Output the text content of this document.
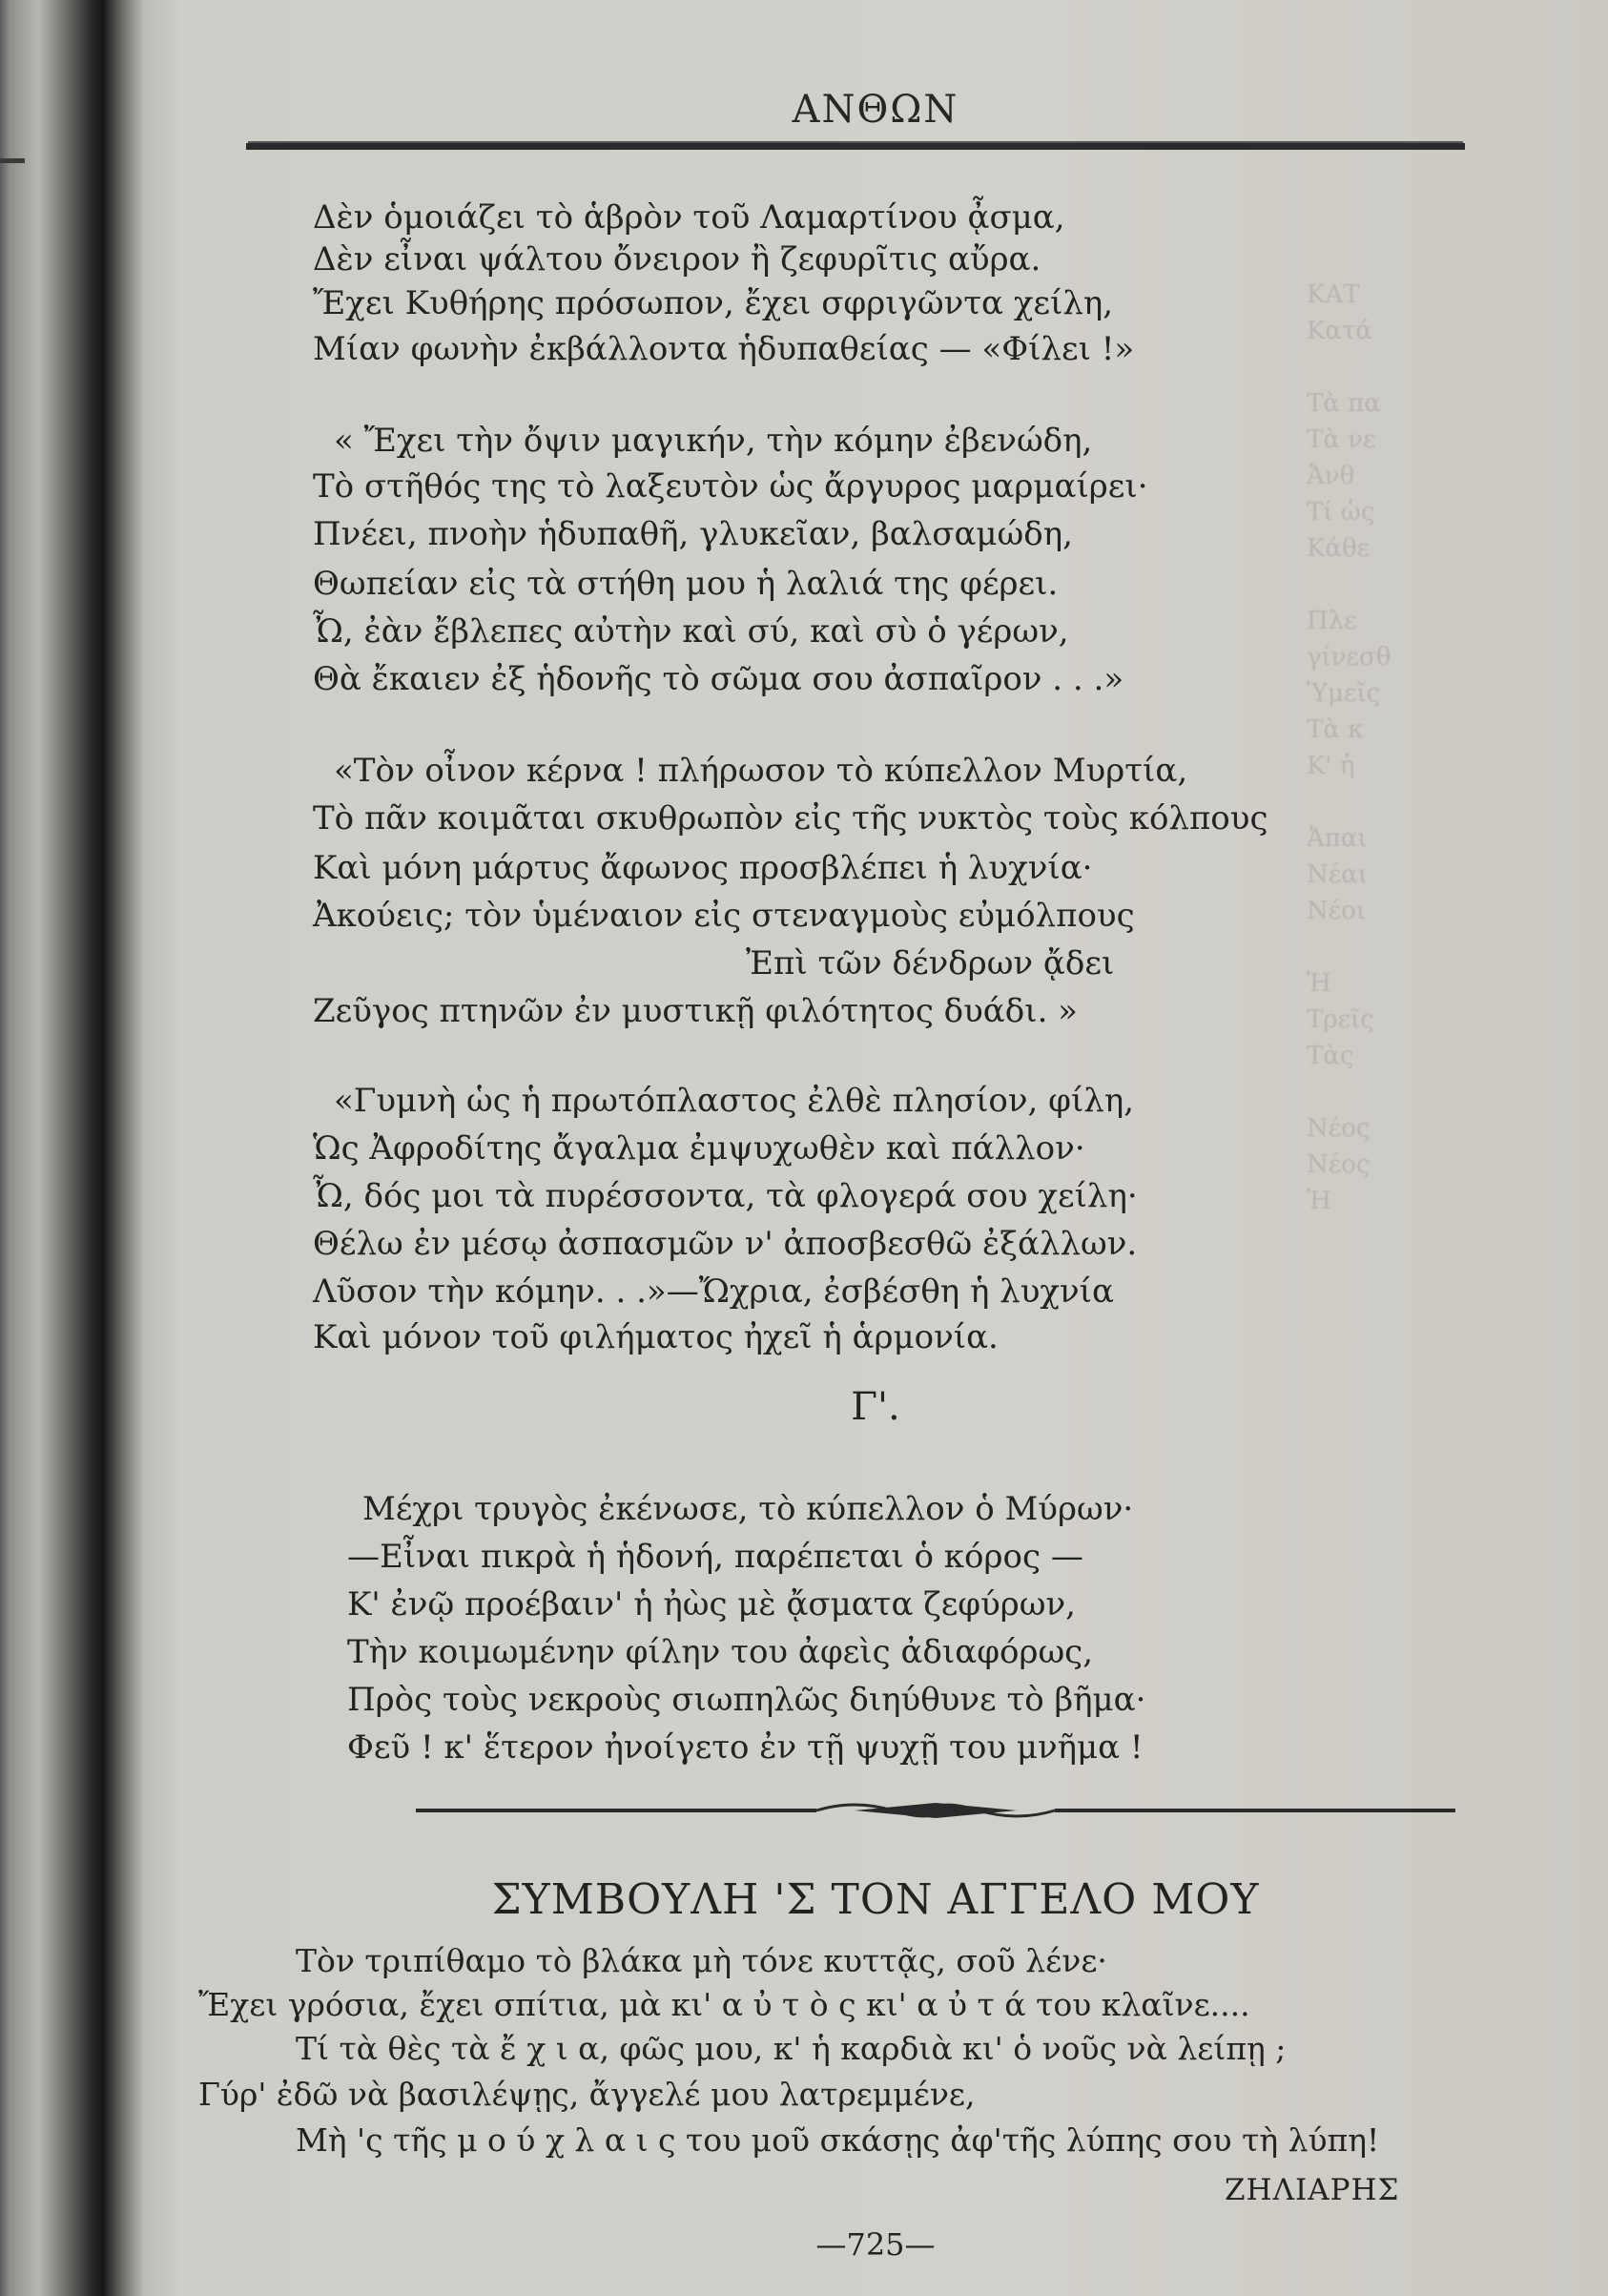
ΚΑΤ
Κατά

Τὰ πα
Τὰ νε
Ἀνθ
Τί ὡς
Κάθε

Πλε
γίνεσθ
Ὑμεῖς
Τὰ κ
Κ' ἡ

Ἀπαι
Νέαι
Νέοι

Ἡ
Τρεῖς
Τὰς

Νέος
Νέος
Ἡ
ΑΝΘΩΝ
Δὲν ὁμοιάζει τὸ ἁβρὸν τοῦ Λαμαρτίνου ᾆσμα,
Δὲν εἶναι ψάλτου ὄνειρον ἢ ζεφυρῖτις αὔρα.
Ἔχει Κυθήρης πρόσωπον, ἔχει σφριγῶντα χείλη,
Μίαν φωνὴν ἐκβάλλοντα ἡδυπαθείας — «Φίλει !»
« Ἔχει τὴν ὄψιν μαγικήν, τὴν κόμην ἐβενώδη,
Τὸ στῆθός της τὸ λαξευτὸν ὡς ἄργυρος μαρμαίρει·
Πνέει, πνοὴν ἡδυπαθῆ, γλυκεῖαν, βαλσαμώδη,
Θωπείαν εἰς τὰ στήθη μου ἡ λαλιά της φέρει.
Ὦ, ἐὰν ἔβλεπες αὐτὴν καὶ σύ, καὶ σὺ ὁ γέρων,
Θὰ ἔκαιεν ἐξ ἡδονῆς τὸ σῶμα σου ἀσπαῖρον . . .»
«Τὸν οἶνον κέρνα ! πλήρωσον τὸ κύπελλον Μυρτία,
Τὸ πᾶν κοιμᾶται σκυθρωπὸν εἰς τῆς νυκτὸς τοὺς κόλπους
Καὶ μόνη μάρτυς ἄφωνος προσβλέπει ἡ λυχνία·
Ἀκούεις; τὸν ὑμέναιον εἰς στεναγμοὺς εὐμόλπους
Ἐπὶ τῶν δένδρων ᾄδει
Ζεῦγος πτηνῶν ἐν μυστικῇ φιλότητος δυάδι. »
«Γυμνὴ ὡς ἡ πρωτόπλαστος ἐλθὲ πλησίον, φίλη,
Ὡς Ἀφροδίτης ἄγαλμα ἐμψυχωθὲν καὶ πάλλον·
Ὦ, δός μοι τὰ πυρέσσοντα, τὰ φλογερά σου χείλη·
Θέλω ἐν μέσῳ ἀσπασμῶν ν' ἀποσβεσθῶ ἐξάλλων.
Λῦσον τὴν κόμην. . .»—Ὤχρια, ἐσβέσθη ἡ λυχνία
Καὶ μόνον τοῦ φιλήματος ἠχεῖ ἡ ἁρμονία.
Γ'.
Μέχρι τρυγὸς ἐκένωσε, τὸ κύπελλον ὁ Μύρων·
—Εἶναι πικρὰ ἡ ἡδονή, παρέπεται ὁ κόρος —
Κ' ἐνῷ προέβαιν' ἡ ἠὼς μὲ ᾄσματα ζεφύρων,
Τὴν κοιμωμένην φίλην του ἀφεὶς ἀδιαφόρως,
Πρὸς τοὺς νεκροὺς σιωπηλῶς διηύθυνε τὸ βῆμα·
Φεῦ ! κ' ἕτερον ἠνοίγετο ἐν τῇ ψυχῇ του μνῆμα !
ΣΥΜΒΟΥΛΗ 'Σ ΤΟΝ ΑΓΓΕΛΟ ΜΟΥ
Τὸν τριπίθαμο τὸ βλάκα μὴ τόνε κυττᾷς, σοῦ λένε·
Ἔχει γρόσια, ἔχει σπίτια, μὰ κι' α ὐ τ ὸ ς κι' α ὐ τ ά του κλαῖνε....
Τί τὰ θὲς τὰ ἔ χ ι α, φῶς μου, κ' ἡ καρδιὰ κι' ὁ νοῦς νὰ λείπῃ ;
Γύρ' ἐδῶ νὰ βασιλέψῃς, ἄγγελέ μου λατρεμμένε,
Μὴ 'ς τῆς μ ο ύ χ λ α ι ς του μοῦ σκάσῃς ἀφ'τῆς λύπης σου τὴ λύπη!
ΖΗΛΙΑΡΗΣ
—725—
